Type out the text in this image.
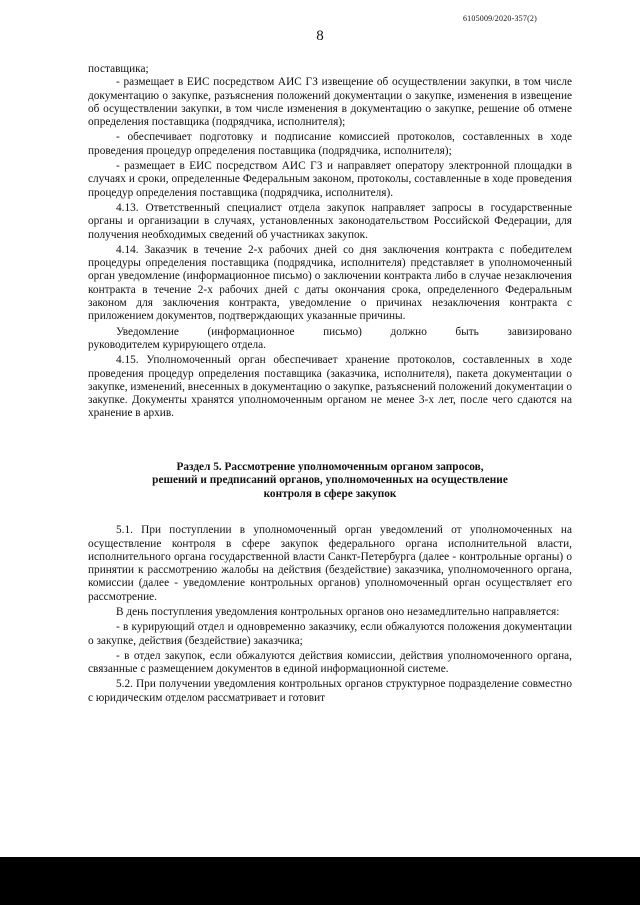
6105009/2020-357(2)
8

поставщика;

- размещает в ЕИС посредством АИС ГЗ извещение об осуществлении закупки, в том числе документацию о закупке, разъяснения положений документации о закупке, изменения в извещение об осуществлении закупки, в том числе изменения в документацию о закупке, решение об отмене определения поставщика (подрядчика, исполнителя);

- обеспечивает подготовку и подписание комиссией протоколов, составленных в ходе проведения процедур определения поставщика (подрядчика, исполнителя);

- размещает в ЕИС посредством АИС ГЗ и направляет оператору электронной площадки в случаях и сроки, определенные Федеральным законом, протоколы, составленные в ходе проведения процедур определения поставщика (подрядчика, исполнителя).

4.13. Ответственный специалист отдела закупок направляет запросы в государственные органы и организации в случаях, установленных законодательством Российской Федерации, для получения необходимых сведений об участниках закупок.

4.14. Заказчик в течение 2-х рабочих дней со дня заключения контракта с победителем процедуры определения поставщика (подрядчика, исполнителя) представляет в уполномоченный орган уведомление (информационное письмо) о заключении контракта либо в случае незаключения контракта в течение 2-х рабочих дней с даты окончания срока, определенного Федеральным законом для заключения контракта, уведомление о причинах незаключения контракта с приложением документов, подтверждающих указанные причины.

Уведомление	(информационное	письмо)	должно	быть	завизировано

руководителем курирующего отдела.

4.15. Уполномоченный орган обеспечивает хранение протоколов, составленных в ходе проведения процедур определения поставщика (заказчика, исполнителя), пакета документации о закупке, изменений, внесенных в документацию о закупке, разъяснений положений документации о закупке. Документы хранятся уполномоченным органом не менее 3-х лет, после чего сдаются на хранение в архив.

Раздел 5. Рассмотрение уполномоченным органом запросов,
решений и предписаний органов, уполномоченных на осуществление
контроля в сфере закупок

5.1. При поступлении в уполномоченный орган уведомлений от уполномоченных на осуществление контроля в сфере закупок федерального органа исполнительной власти, исполнительного органа государственной власти Санкт-Петербурга (далее - контрольные органы) о принятии к рассмотрению жалобы на действия (бездействие) заказчика, уполномоченного органа, комиссии (далее - уведомление контрольных органов) уполномоченный орган осуществляет его рассмотрение.

В день поступления уведомления контрольных органов оно незамедлительно направляется:

- в курирующий отдел и одновременно заказчику, если обжалуются положения документации о закупке, действия (бездействие) заказчика;

- в отдел закупок, если обжалуются действия комиссии, действия уполномоченного органа, связанные с размещением документов в единой информационной системе.

5.2. При получении уведомления контрольных органов структурное подразделение совместно с юридическим отделом рассматривает и готовит
